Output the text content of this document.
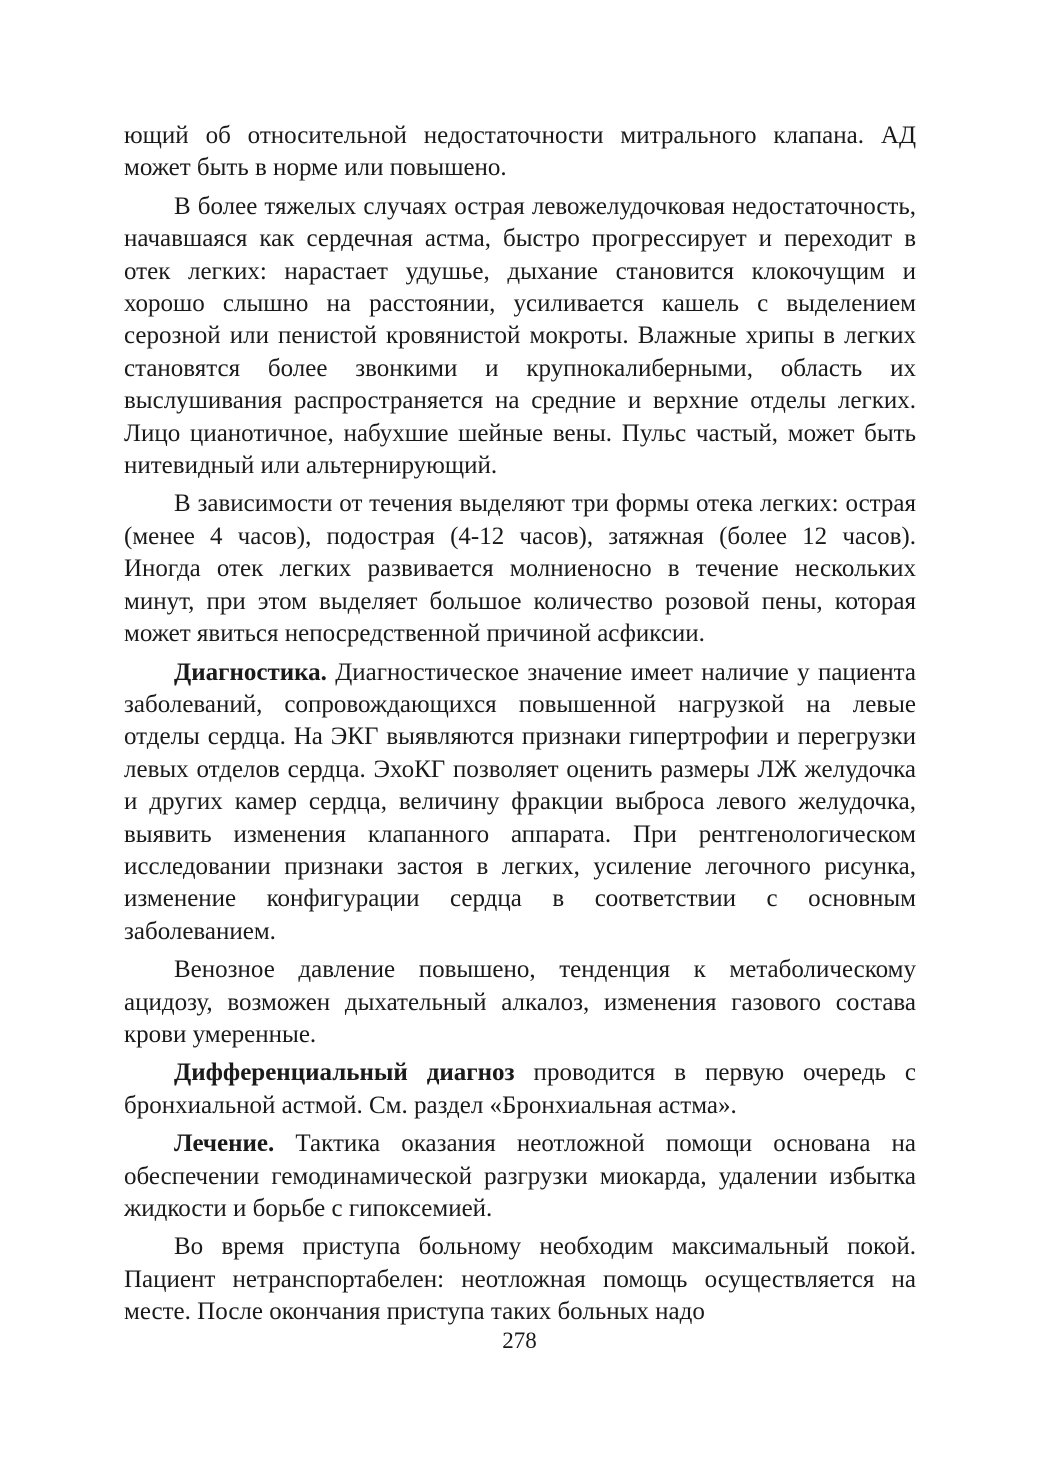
ющий об относительной недостаточности митрального клапана. АД может быть в норме или повышено.

В более тяжелых случаях острая левожелудочковая недостаточность, начавшаяся как сердечная астма, быстро прогрессирует и переходит в отек легких: нарастает удушье, дыхание становится клокочущим и хорошо слышно на расстоянии, усиливается кашель с выделением серозной или пенистой кровянистой мокроты. Влажные хрипы в легких становятся более звонкими и крупнокалиберными, область их выслушивания распространяется на средние и верхние отделы легких. Лицо цианотичное, набухшие шейные вены. Пульс частый, может быть нитевидный или альтернирующий.

В зависимости от течения выделяют три формы отека легких: острая (менее 4 часов), подострая (4-12 часов), затяжная (более 12 часов). Иногда отек легких развивается молниеносно в течение нескольких минут, при этом выделяет большое количество розовой пены, которая может явиться непосредственной причиной асфиксии.

Диагностика. Диагностическое значение имеет наличие у пациента заболеваний, сопровождающихся повышенной нагрузкой на левые отделы сердца. На ЭКГ выявляются признаки гипертрофии и перегрузки левых отделов сердца. ЭхоКГ позволяет оценить размеры ЛЖ желудочка и других камер сердца, величину фракции выброса левого желудочка, выявить изменения клапанного аппарата. При рентгенологическом исследовании признаки застоя в легких, усиление легочного рисунка, изменение конфигурации сердца в соответствии с основным заболеванием.

Венозное давление повышено, тенденция к метаболическому ацидозу, возможен дыхательный алкалоз, изменения газового состава крови умеренные.

Дифференциальный диагноз проводится в первую очередь с бронхиальной астмой. См. раздел «Бронхиальная астма».

Лечение. Тактика оказания неотложной помощи основана на обеспечении гемодинамической разгрузки миокарда, удалении избытка жидкости и борьбе с гипоксемией.

Во время приступа больному необходим максимальный покой. Пациент нетранспортабелен: неотложная помощь осуществляется на месте. После окончания приступа таких больных надо

278
